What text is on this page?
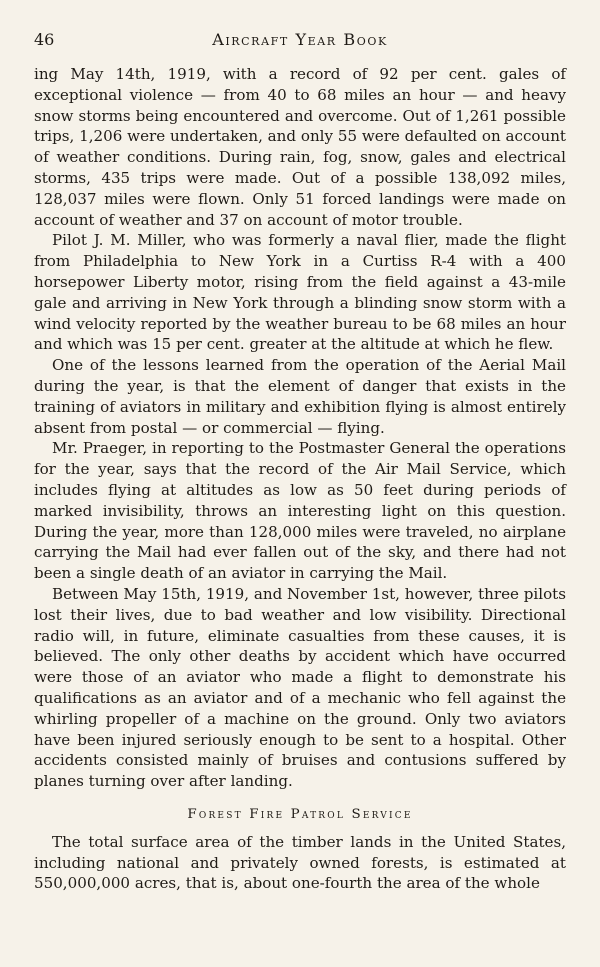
46	Aircraft Year Book

ing May 14th, 1919, with a record of 92 per cent. gales of exceptional violence — from 40 to 68 miles an hour — and heavy snow storms being encountered and overcome. Out of 1,261 possible trips, 1,206 were undertaken, and only 55 were defaulted on account of weather conditions. During rain, fog, snow, gales and electrical storms, 435 trips were made. Out of a possible 138,092 miles, 128,037 miles were flown. Only 51 forced landings were made on account of weather and 37 on account of motor trouble.

Pilot J. M. Miller, who was formerly a naval flier, made the flight from Philadelphia to New York in a Curtiss R-4 with a 400 horsepower Liberty motor, rising from the field against a 43-mile gale and arriving in New York through a blinding snow storm with a wind velocity reported by the weather bureau to be 68 miles an hour and which was 15 per cent. greater at the altitude at which he flew.

One of the lessons learned from the operation of the Aerial Mail during the year, is that the element of danger that exists in the training of aviators in military and exhibition flying is almost entirely absent from postal — or commercial — flying.

Mr. Praeger, in reporting to the Postmaster General the operations for the year, says that the record of the Air Mail Service, which includes flying at altitudes as low as 50 feet during periods of marked invisibility, throws an interesting light on this question. During the year, more than 128,000 miles were traveled, no airplane carrying the Mail had ever fallen out of the sky, and there had not been a single death of an aviator in carrying the Mail.

Between May 15th, 1919, and November 1st, however, three pilots lost their lives, due to bad weather and low visibility. Directional radio will, in future, eliminate casualties from these causes, it is believed. The only other deaths by accident which have occurred were those of an aviator who made a flight to demonstrate his qualifications as an aviator and of a mechanic who fell against the whirling propeller of a machine on the ground. Only two aviators have been injured seriously enough to be sent to a hospital. Other accidents consisted mainly of bruises and contusions suffered by planes turning over after landing.

Forest Fire Patrol Service

The total surface area of the timber lands in the United States, including national and privately owned forests, is estimated at 550,000,000 acres, that is, about one-fourth the area of the whole
